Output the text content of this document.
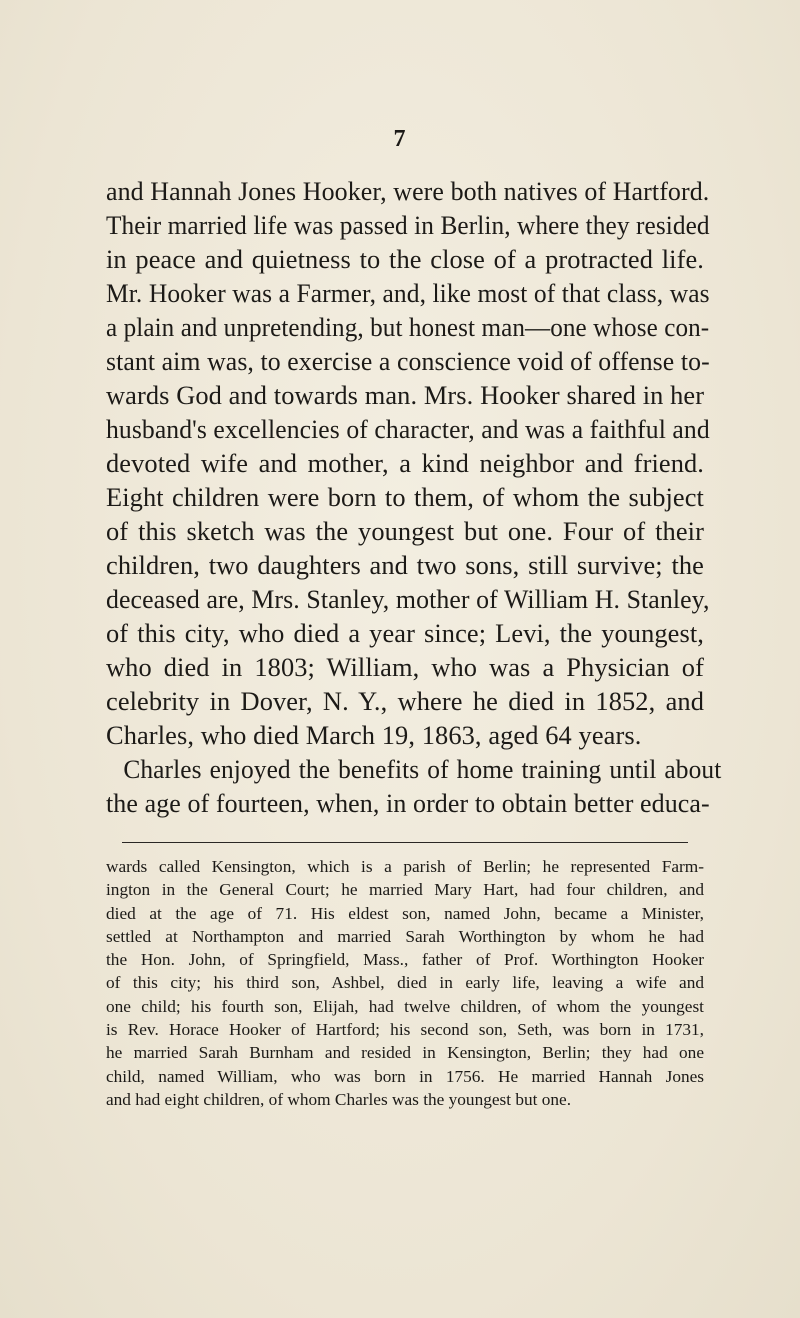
7
and Hannah Jones Hooker, were both natives of Hartford.
Their married life was passed in Berlin, where they resided
in peace and quietness to the close of a protracted life.
Mr. Hooker was a Farmer, and, like most of that class, was
a plain and unpretending, but honest man—one whose con-
stant aim was, to exercise a conscience void of offense to-
wards God and towards man. Mrs. Hooker shared in her
husband's excellencies of character, and was a faithful and
devoted wife and mother, a kind neighbor and friend.
Eight children were born to them, of whom the subject
of this sketch was the youngest but one. Four of their
children, two daughters and two sons, still survive; the
deceased are, Mrs. Stanley, mother of William H. Stanley,
of this city, who died a year since; Levi, the youngest,
who died in 1803; William, who was a Physician of
celebrity in Dover, N. Y., where he died in 1852, and
Charles, who died March 19, 1863, aged 64 years.
Charles enjoyed the benefits of home training until about
the age of fourteen, when, in order to obtain better educa-
wards called Kensington, which is a parish of Berlin; he represented Farm-
ington in the General Court; he married Mary Hart, had four children, and
died at the age of 71. His eldest son, named John, became a Minister,
settled at Northampton and married Sarah Worthington by whom he had
the Hon. John, of Springfield, Mass., father of Prof. Worthington Hooker
of this city; his third son, Ashbel, died in early life, leaving a wife and
one child; his fourth son, Elijah, had twelve children, of whom the youngest
is Rev. Horace Hooker of Hartford; his second son, Seth, was born in 1731,
he married Sarah Burnham and resided in Kensington, Berlin; they had one
child, named William, who was born in 1756. He married Hannah Jones
and had eight children, of whom Charles was the youngest but one.
